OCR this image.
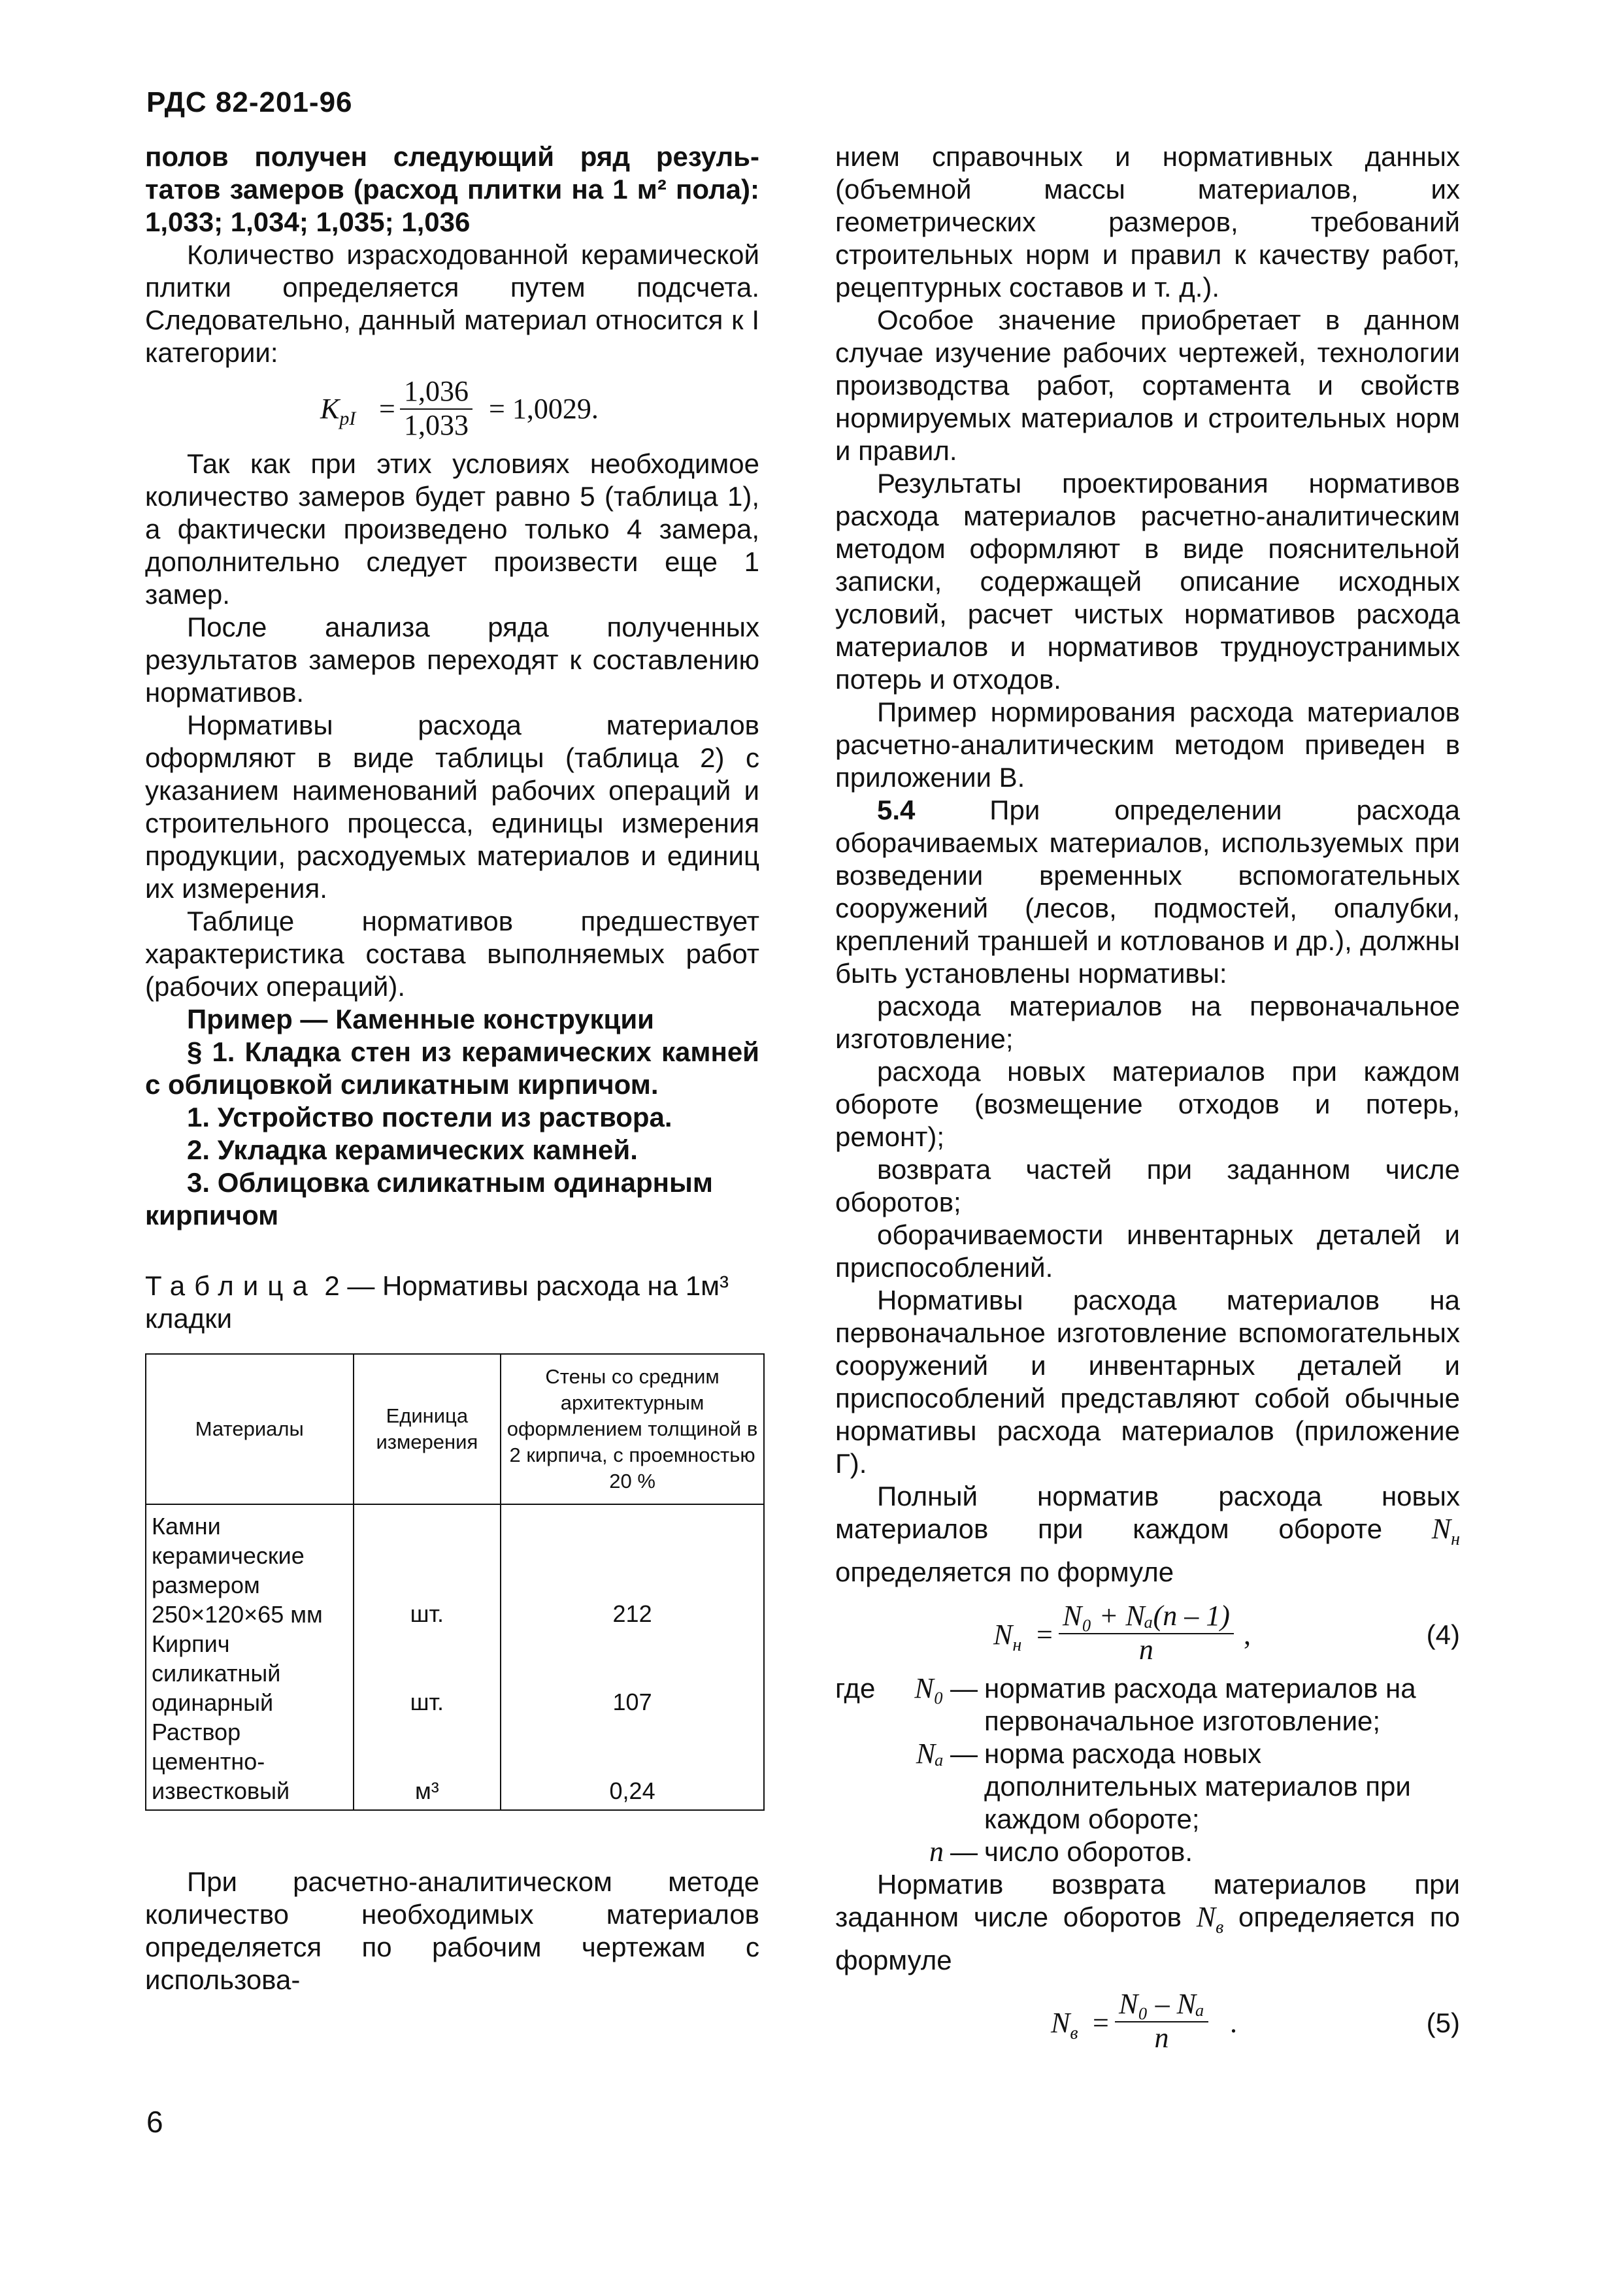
РДС 82-201-96

полов получен следующий ряд резуль-татов замеров (расход плитки на 1 м² пола): 1,033; 1,034; 1,035; 1,036

Количество израсходованной керамической плитки определяется путем подсчета. Следовательно, данный материал относится к I категории:

$K_{pI} = \frac{1,036}{1,033} = 1,0029$.

Так как при этих условиях необходимое количество замеров будет равно 5 (таблица 1), а фактически произведено только 4 замера, дополнительно следует произвести еще 1 замер.

После анализа ряда полученных результатов замеров переходят к составлению нормативов.

Нормативы расхода материалов оформляют в виде таблицы (таблица 2) с указанием наименований рабочих операций и строительного процесса, единицы измерения продукции, расходуемых материалов и единиц их измерения.

Таблице нормативов предшествует характеристика состава выполняемых работ (рабочих операций).

Пример — Каменные конструкции

§ 1. Кладка стен из керамических камней с облицовкой силикатным кирпичом.

1. Устройство постели из раствора.

2. Укладка керамических камней.

3. Облицовка силикатным одинарным кирпичом

Таблица 2 — Нормативы расхода на 1м³ кладки
Материалы	Единица измерения	Стены со средним архитектурным оформлением толщиной в 2 кирпича, с проемностью 20 %
Камни керамические размером 250×120×65 мм	шт.	212
Кирпич силикатный одинарный	шт.	107
Раствор цементно-известковый	м³	0,24

При расчетно-аналитическом методе количество необходимых материалов определяется по рабочим чертежам с использова-

нием справочных и нормативных данных (объемной массы материалов, их геометрических размеров, требований строительных норм и правил к качеству работ, рецептурных составов и т. д.).

Особое значение приобретает в данном случае изучение рабочих чертежей, технологии производства работ, сортамента и свойств нормируемых материалов и строительных норм и правил.

Результаты проектирования нормативов расхода материалов расчетно-аналитическим методом оформляют в виде пояснительной записки, содержащей описание исходных условий, расчет чистых нормативов расхода материалов и нормативов трудноустранимых потерь и отходов.

Пример нормирования расхода материалов расчетно-аналитическим методом приведен в приложении В.

5.4	При определении расхода оборачиваемых материалов, используемых при возведении временных вспомогательных сооружений (лесов, подмостей, опалубки, креплений траншей и котлованов и др.), должны быть установлены нормативы:

расхода материалов на первоначальное изготовление;

расхода новых материалов при каждом обороте (возмещение отходов и потерь, ремонт);

возврата частей при заданном числе оборотов;

оборачиваемости инвентарных деталей и приспособлений.

Нормативы расхода материалов на первоначальное изготовление вспомогательных сооружений и инвентарных деталей и приспособлений представляют собой обычные нормативы расхода материалов (приложение Г).

Полный норматив расхода новых материалов при каждом обороте $N_н$ определяется по формуле

$N_н = \frac{\text{N₀ + Nₐ(n – 1)}}{n}$ ,	(4)
где	N₀ — норматив расхода материалов на первоначальное изготовление;
Nₐ — норма расхода новых дополнительных материалов при каждом обороте;
n — число оборотов.

Норматив возврата материалов при заданном числе оборотов $N_в$ определяется по формуле

$N_в = \frac{\text{N₀ – Nₐ}}{n}$ .	(5)
6
